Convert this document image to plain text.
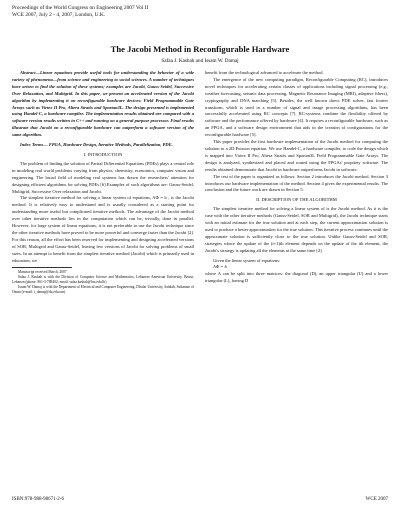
Proceedings of the World Congress on Engineering 2007 Vol II
WCE 2007, July 2 - 4, 2007, London, U.K.
The Jacobi Method in Reconfigurable Hardware
Safaa J. Kasbah and Issam W. Damaj

Abstract—Linear equations provide useful tools for understanding the behavior of a wide variety of phenomena—from science and engineering to social sciences. A number of techniques have arisen to find the solution of these systems; examples are Jacobi, Gauss-Seidel, Successive Over Relaxation, and Multigrid. In this paper, we present an accelerated version of the Jacobi algorithm by implementing it on reconfigurable hardware devices: Field Programmable Gate Arrays such as Virtex II Pro, Altera Stratix and Spartan3L. The design presented is implemented using Handel-C, a hardware compiler. The implementation results obtained are compared with a software version results written in C++ and running on a general purpose processor. Final results illustrate that Jacobi on a reconfigurable hardware can outperform a software version of the same algorithm.

Index Terms— FPGA, Hardware Design, Iterative Methods, Parallelization, PDE.

I. INTRODUCTION

The problem of finding the solution of Partial Differential Equations (PDEs) plays a central role in modeling real world problems varying from physics, chemistry, economics, computer vision and engineering. The broad field of modeling real systems has drawn the researchers' attention for designing efficient algorithms for solving PDEs [6].Examples of such algorithms are: Gauss-Seidel, Multigrid, Successive Over relaxation and Jacobi.

The simplest iterative method for solving a linear system of equations, AΦ = b , is the Jacobi method. It is relatively easy to understand and is usually considered as a starting point for understanding more useful but complicated iterative methods. The advantage of the Jacobi method over other iterative methods lies in the computation which can be, trivially, done in parallel. However, for large system of linear equations, it is not preferable to use the Jacobi technique since the other iterative methods have proved to be more powerful and converge faster than the Jacobi [2]. For this reason, all the effort has been reserved for implementing and designing accelerated versions of SOR, Multigrid and Gauss-Seidel, leaving few versions of Jacobi for solving problems of small sizes. In an attempt to benefit from the simplest iterative method (Jacobi) which is primarily used in education; we

Manuscript received March, 2007
Safaa J. Kasbah is with the Division of Computer Science and Mathematics, Lebanese American University, Beirut, Lebanon (phone: 961-3-788402; email: safaa.kasbah@lau.edu.lb)
Issam W. Damaj is with the Department of Electrical and Computer Engineering, Dhofar University, Salalah, Sultanate of Oman (e-mail: i_damaj@du.edu.om).

benefit from the technological advanced to accelerate the method.

The emergence of the new computing paradigm, Reconfigurable Computing (RC), introduces novel techniques for accelerating certain classes of applications including signal processing (e.g., weather forecasting, seismic data processing, Magnetic Resonance Imaging (MRI), adaptive filters), cryptography and DNA matching [5]. Besides, the well known direct PDE solver, fast fourier transform, which is used in a number of signal and image processing algorithms, has been successfully accelerated using RC concepts [7]. RC-systems combine the flexibility offered by software and the performance offered by hardware [4]. It requires a reconfigurable hardware, such as an FPGA, and a software design environment that aids in the creation of configurations for the reconfigurable hardware [5].

This paper provides the first hardware implementation of the Jacobi method for computing the solution to a 2D Poisson equation. We use Handel-C, a hardware compiler, to code the design which is mapped into Virtex II Pro, Altera Stratix and Spartan3L Field Programmable Gate Arrays. The design is analyzed, synthesized and placed and routed using the FPGAs' propriety software. The results obtained demonstrate that Jacobi in hardware outperforms Jacobi in software.

The rest of the paper is organized as follows: Section 2 introduces the Jacobi method. Section 3 introduces our hardware implementation of the method. Section 4 gives the experimental results. The conclusion and the future work are drawn in Section 5.

II. DESCRIPTION OF THE ALGORITHM

The simplest iterative method for solving a linear system of is the Jacobi method. As it is the case with the other iterative methods (Gauss-Seidel, SOR and Multigrid), the Jacobi technique starts with an initial estimate for the true solution and at each step, the current approximation solution is used to produce a better approximation for the true solution. This iterative process continues until the approximate solution is sufficiently close to the true solution. Unlike Gauss-Seidel and SOR, strategies where the update of the (i+1)th element depends on the update of the ith element, the Jacobi's strategy is updating all the elements at the same time [2].

Given the linear system of equations:

AΦ = b

where A can be split into three matrices: the diagonal (D), an upper triangular (U) and a lower triangular (L), having D

ISBN:978-988-98671-2-6	WCE 2007
